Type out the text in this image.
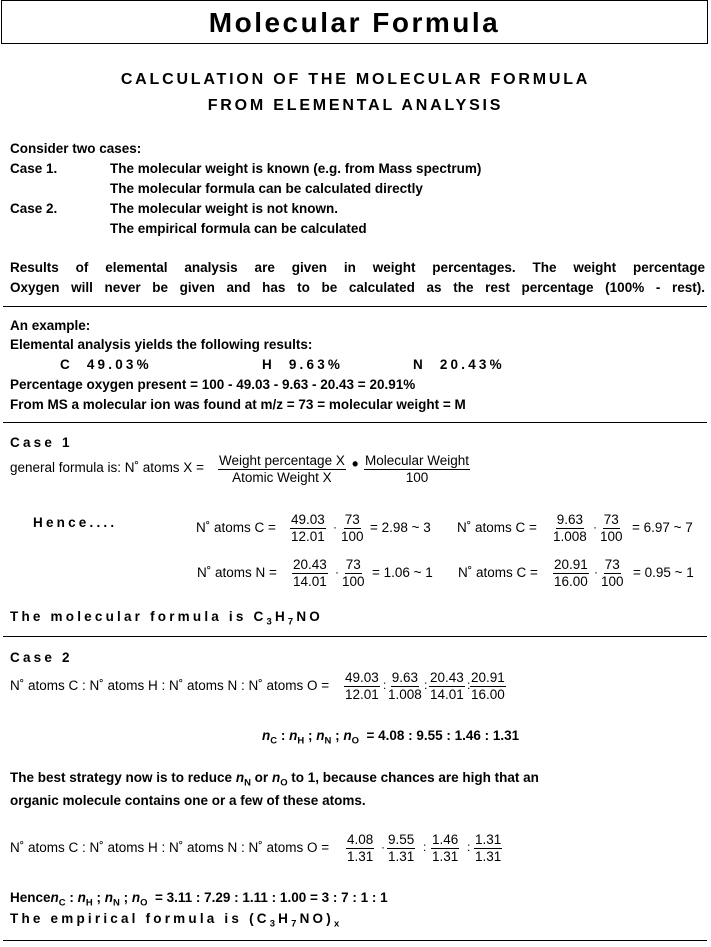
Molecular Formula
CALCULATION OF THE MOLECULAR FORMULA
FROM ELEMENTAL ANALYSIS
Consider two cases:
Case 1.	The molecular weight is known (e.g. from Mass spectrum)
The molecular formula can be calculated directly
Case 2.	The molecular weight is not known.
The empirical formula can be calculated
Results of elemental analysis are given in weight percentages. The weight percentage
Oxygen will never be given and has to be calculated as the rest percentage (100% - rest).
An example:
Elemental analysis yields the following results:
C  49.03%	H  9.63%	N  20.43%
Percentage oxygen present = 100 - 49.03 - 9.63 - 20.43 = 20.91%
From MS a molecular ion was found at m/z = 73 = molecular weight = M
Case 1
general formula is: N˚ atoms X = Weight percentage X
Atomic Weight X
• Molecular Weight
100
Hence....	N˚ atoms $C = \frac{49.03}{12.01} \cdot \frac{73}{100} = 2.98$ ~ 3 N˚ atoms $C = \frac{9.63}{1.008} \cdot \frac{73}{100} = 6.97$ ~ 7
N˚ atoms $N = \frac{20.43}{14.01} \cdot \frac{73}{100} = 1.06$ ~ 1 N˚ atoms $C = \frac{20.91}{16.00} \cdot \frac{73}{100} = 0.95$ ~ 1
The molecular formula is $C_3H_7NO$
Case 2
N˚ atoms C : N˚ atoms H : N˚ atoms N : N˚ atoms $O = \frac{49.03}{12.01}$ : $\frac{9.63}{1.008}$ : $\frac{20.43}{14.01}$ : $\frac{20.91}{16.00}$
$n_C$ : $n_H$ ; $n_N$ ; $n_O = 4.08$ : 9.55 : 1.46 : 1.31
The best strategy now is to reduce $n_N$ or $n_O$ to 1, because chances are high that an
organic molecule contains one or a few of these atoms.
N˚ atoms C : N˚ atoms H : N˚ atoms N : N˚ atoms $O = \frac{4.08}{1.31} \cdot \frac{9.55}{1.31}$ : $\frac{1.46}{1.31}$ : $\frac{1.31}{1.31}$
Hencen$_C$ : $n_H$ ; $n_N$ ; $n_O = 3.11$ : 7.29 : 1.11 : 1.00 = 3 : 7 : 1 : 1
The empirical formula is $(C_3H_7NO)_x$
